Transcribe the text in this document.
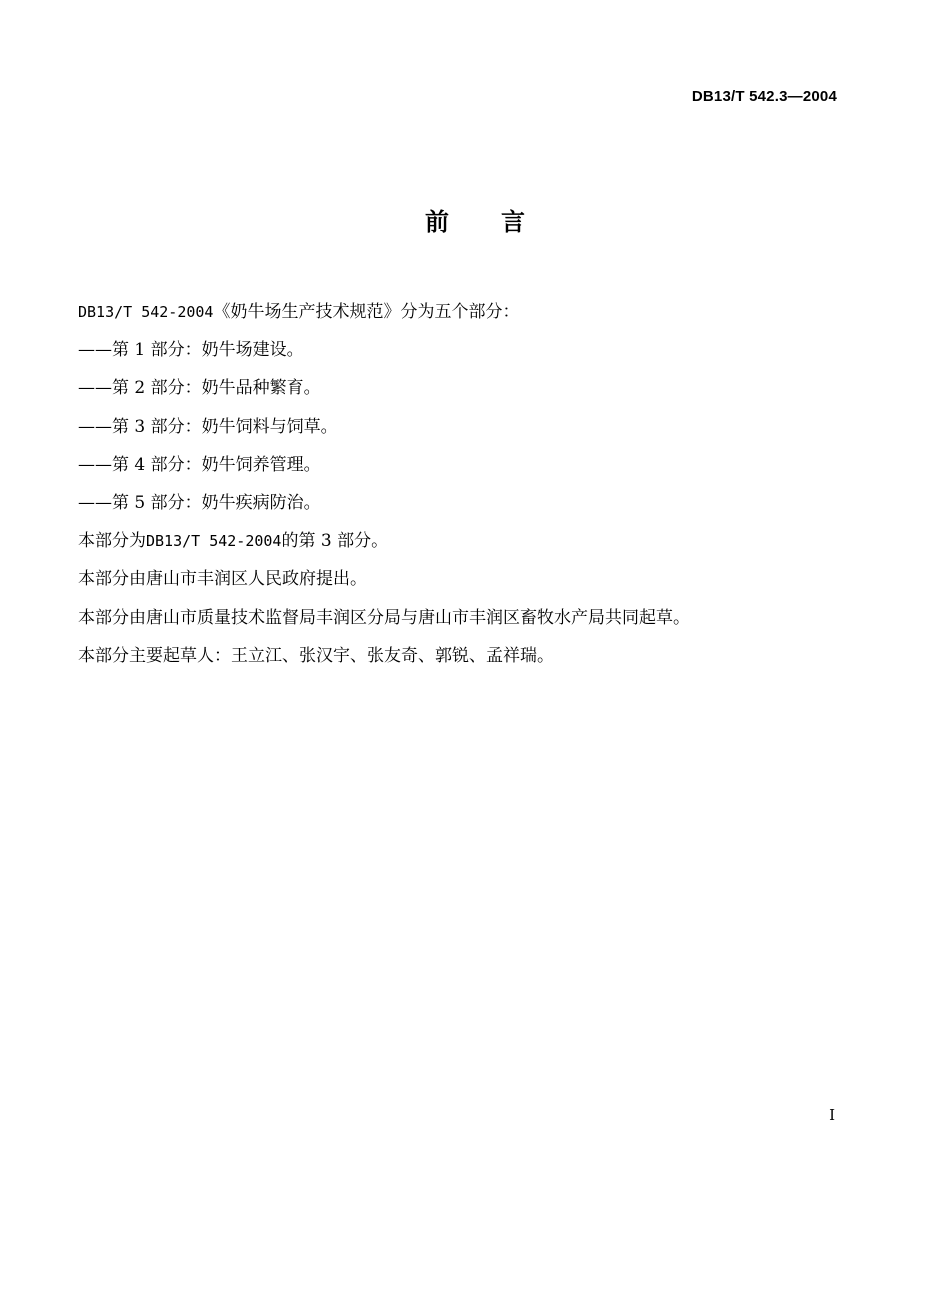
DB13/T 542.3—2004
前言
DB13/T 542-2004《奶牛场生产技术规范》分为五个部分：
——第 1 部分：奶牛场建设。
——第 2 部分：奶牛品种繁育。
——第 3 部分：奶牛饲料与饲草。
——第 4 部分：奶牛饲养管理。
——第 5 部分：奶牛疾病防治。
本部分为DB13/T 542-2004的第 3 部分。
本部分由唐山市丰润区人民政府提出。
本部分由唐山市质量技术监督局丰润区分局与唐山市丰润区畜牧水产局共同起草。
本部分主要起草人：王立江、张汉宇、张友奇、郭锐、孟祥瑞。
I
